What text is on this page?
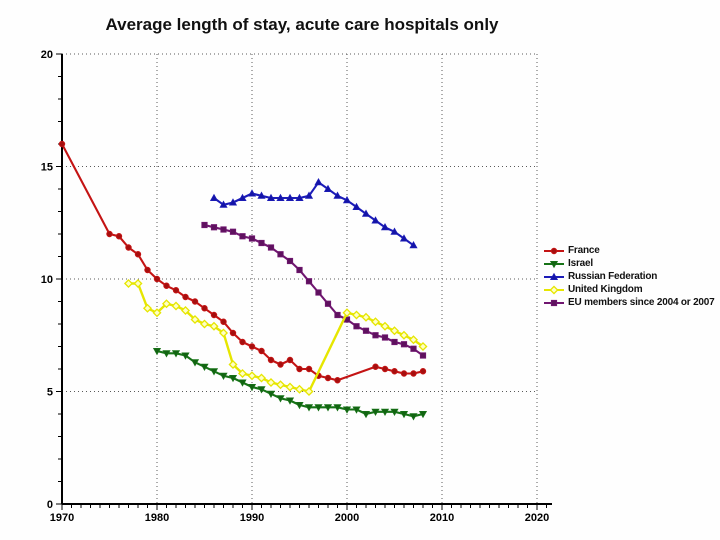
0
5
10
15
20
1970	1980	1990	2000	2010	2020
Average length of stay, acute care hospitals only
France
Israel
Russian Federation
United Kingdom
EU members since 2004 or 2007
